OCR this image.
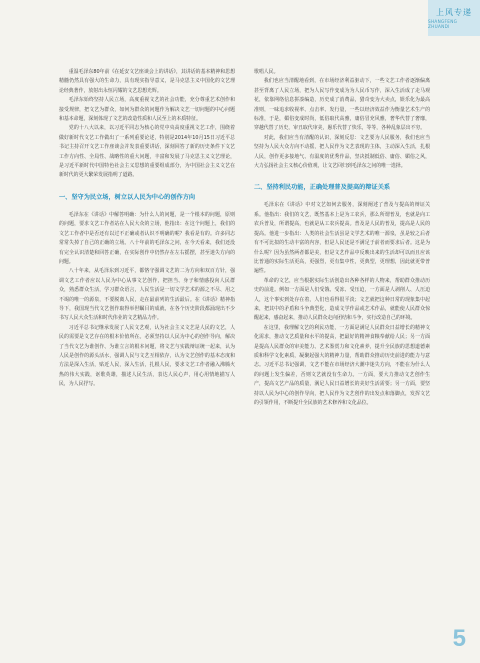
上风专递
SHANGFENG ZHUANDI

重温毛泽东80年前《在延安文艺座谈会上的讲话》，其讲话的基本精神和思想精髓仍然具有强大的生命力，具有现实指导意义，是马克思主义中国化的文艺理论经典著作，放射出永恒闪耀的文艺思想光辉。

毛泽东始终坚持人民立场，高度重视文艺的社会功能，充分尊重艺术创作和接受规律，把文艺为群众，如何为群众的问题作为解决文艺一切问题的中心问题和基本命题，深刻体现了文艺的改造性质和人民至上的本质特征。

党的十八大以来，以习近平同志为核心的党中央高度重视文艺工作，围绕着做好新时代文艺工作做出了一系列重要论述，特别是2014年10月15日习近平总书记主持召开文艺工作座谈会并发表重要讲话，深刻回答了新的历史条件下文艺工作方向性、全局性、战略性的重大问题，丰富和发展了马克思主义文艺理论，是习近平新时代中国特色社会主义思想的重要组成部分，为中国社会主义文艺在新时代的更大繁荣发展指明了道路。

一、坚守为民立场，树立以人民为中心的创作方向

毛泽东在《讲话》中解答明确：为什么人的问题，是一个根本的问题，原则的问题，要求文艺工作者站在人民大众的立场，他指出：在这个问题上，我们的文艺工作者中是否还有以过不正确或者认识不明确的呢？我看是有的。许多同志常常失掉了自己的正确的立场。八十年前的毛泽东之问，在今天看来，我们还没有完全认识清楚和回答正确，在实际创作中仍然存在左右摇摆，甚至迷失方向的问题。

八十年来，从毛泽东到习近平，都恪守强调文艺的二为方向和双百方针，强调文艺工作者应以人民为中心从事文艺创作，把担当、身子和情感投向人民群众，熟悉群众生活，学习群众语言，人民生活是一切文学艺术的源之不尽、用之不竭的唯一的源泉，不要脱离人民，走在最前列的生活最后。在《讲话》精神指导下，我国现当代文艺创作取得举世瞩目的成就，在各个历史阶段都涌现出不少书写人民大众生活和时代伟业的文艺精品力作。

习近平总书记继承发展了人民文艺观，认为社会主义文艺是人民的文艺，人民的需要是文艺存在的根本价值所在。必须坚持以人民为中心的创作导向，解决了当代文艺为谁创作、为谁立言的根本问题，将文艺与实践辩证统一起来，认为人民是创作的源头活水，强调人民与文艺互相依存，认为文艺创作的基本态度和方法是深入生活，贴近人民，深入生活，扎根人民，要求文艺工作者融入沸腾火热的伟大实践，讴歌英雄，描述人民生活，表达人民心声，用心用情地描写人民，为人民抒写。

歌唱人民。

我们也应当清醒地看到，在市场经济利益驱动下，一些文艺工作者逐渐偏离甚至背离了人民立场，把为人民写作变成为为人民币写作，深入生活成了走马观花，依靠网络信息拼凑编造，历史成了消费品，猎奇变为大卖点，娱乐化为最高准则，一味追求收视率、点击率、发行量，一些以经济效益作为衡量艺术生产的标准，于是，媚俗变成时尚，低俗取代高雅，庸俗冒充风雅，奢华代替了奢靡，穿越代替了历史，审丑取代审美，愚乐代替了快乐，等等，各种乱象层出不穷。

对此，我们应当有清醒的认识，深刻反思：文艺要为人民服务，我们也应当坚持为人民大众方向不动摇，把人民作为文艺表现的主体，主动深入生活，扎根人民，创作更多接地气、有温度的优秀作品，坚决抵制低俗、庸俗、媚俗之风，大力弘扬社会主义核心价值观，让文艺回归到毛泽东之问的唯一选择。

二、坚持利民功能，正确处理普及提高的辩证关系

毛泽东在《讲话》中对文艺如何去服务，深刻阐述了普及与提高的辩证关系。他指出：我们的文艺，既然基本上是为工农兵，那么所谓普及，也就是向工农兵普及，所谓提高，也就是从工农兵提高。普及是人民的普及，提高是人民的提高。他进一步指出：人类的社会生活虽是文学艺术的唯一源泉，虽是较之后者有不可比拟的生动丰富的内容，但是人民还是不满足于前者而要求后者。这是为什么呢？因为虽然两者都是美，但是文艺作品中反映出来的生活却可以而且应该比普通的实际生活更高，更强烈，更有集中性，更典型，更理想，因此就更带普遍性。

革命的文艺，应当根据实际生活创造出各种各样的人物来，帮助群众推动历史的前进。例如一方面是人们受饿、受冻、受压迫，一方面是人剥削人、人压迫人，这个事实到处存在着，人们也看得很平淡；文艺就把这种日常的现象集中起来，把其中的矛盾和斗争典型化，造成文学作品或艺术作品，就能使人民群众惊醒起来，感奋起来，推动人民群众走向团结和斗争，实行改造自己的环境。

在这里，我理解文艺的利民功能，一方面是满足人民群众日益增长的精神文化需求，推动文艺质量和水平的提高，把最好的精神食粮奉献给人民；另一方面是提高人民群众的审美能力、艺术鉴赏力和文化素养，提升全民族的思想道德素质和科学文化素质，凝聚起强大的精神力量，帮助群众推动历史前进的能力与意志。习近平总书记强调，文艺不能在市场经济大潮中迷失方向，不能在为什么人的问题上发生偏差，否则文艺就没有生命力。一方面，要大力推动文艺创作生产，提高文艺产品的质量，满足人民日益增长的美好生活需要；另一方面，要坚持以人民为中心的创作导向，把人民作为文艺创作的出发点和落脚点，发挥文艺的引领作用，不断提升全民族的艺术修养和文化品位。

5
